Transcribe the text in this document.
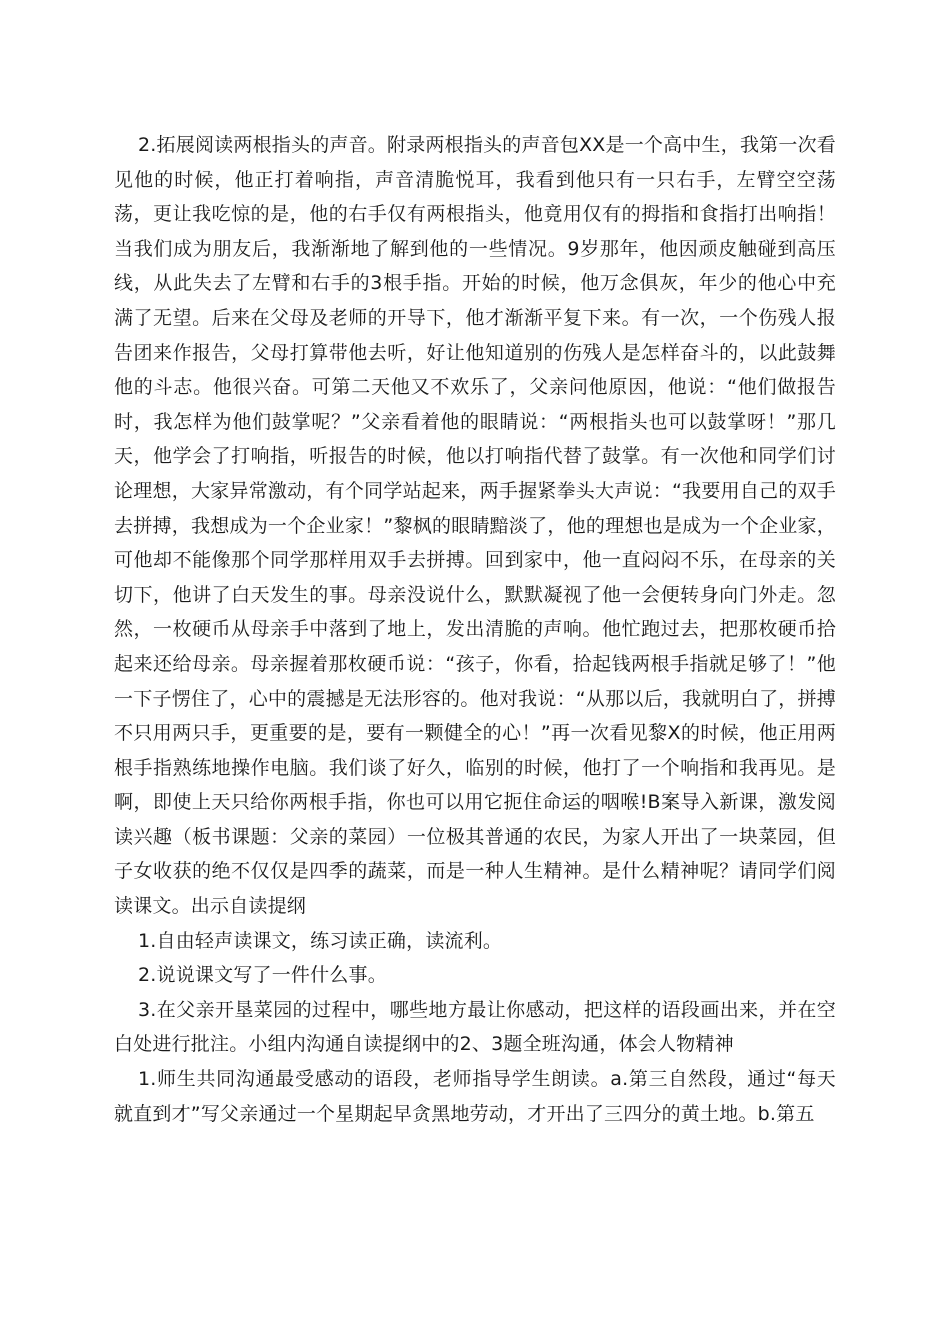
2.拓展阅读两根指头的声音。附录两根指头的声音包XX是一个高中生，我第一次看见他的时候，他正打着响指，声音清脆悦耳，我看到他只有一只右手，左臂空空荡荡，更让我吃惊的是，他的右手仅有两根指头，他竟用仅有的拇指和食指打出响指！当我们成为朋友后，我渐渐地了解到他的一些情况。9岁那年，他因顽皮触碰到高压线，从此失去了左臂和右手的3根手指。开始的时候，他万念俱灰，年少的他心中充满了无望。后来在父母及老师的开导下，他才渐渐平复下来。有一次，一个伤残人报告团来作报告，父母打算带他去听，好让他知道别的伤残人是怎样奋斗的，以此鼓舞他的斗志。他很兴奋。可第二天他又不欢乐了，父亲问他原因，他说：“他们做报告时，我怎样为他们鼓掌呢？”父亲看着他的眼睛说：“两根指头也可以鼓掌呀！”那几天，他学会了打响指，听报告的时候，他以打响指代替了鼓掌。有一次他和同学们讨论理想，大家异常激动，有个同学站起来，两手握紧拳头大声说：“我要用自己的双手去拼搏，我想成为一个企业家！”黎枫的眼睛黯淡了，他的理想也是成为一个企业家，可他却不能像那个同学那样用双手去拼搏。回到家中，他一直闷闷不乐，在母亲的关切下，他讲了白天发生的事。母亲没说什么，默默凝视了他一会便转身向门外走。忽然，一枚硬币从母亲手中落到了地上，发出清脆的声响。他忙跑过去，把那枚硬币拾起来还给母亲。母亲握着那枚硬币说：“孩子，你看，拾起钱两根手指就足够了！”他一下子愣住了，心中的震撼是无法形容的。他对我说：“从那以后，我就明白了，拼搏不只用两只手，更重要的是，要有一颗健全的心！”再一次看见黎X的时候，他正用两根手指熟练地操作电脑。我们谈了好久，临别的时候，他打了一个响指和我再见。是啊，即使上天只给你两根手指，你也可以用它扼住命运的咽喉!B案导入新课，激发阅读兴趣（板书课题：父亲的菜园）一位极其普通的农民，为家人开出了一块菜园，但子女收获的绝不仅仅是四季的蔬菜，而是一种人生精神。是什么精神呢？请同学们阅读课文。出示自读提纲

1.自由轻声读课文，练习读正确，读流利。

2.说说课文写了一件什么事。

3.在父亲开垦菜园的过程中，哪些地方最让你感动，把这样的语段画出来，并在空白处进行批注。小组内沟通自读提纲中的2、3题全班沟通，体会人物精神

1.师生共同沟通最受感动的语段，老师指导学生朗读。a.第三自然段，通过“每天就直到才”写父亲通过一个星期起早贪黑地劳动，才开出了三四分的黄土地。b.第五
